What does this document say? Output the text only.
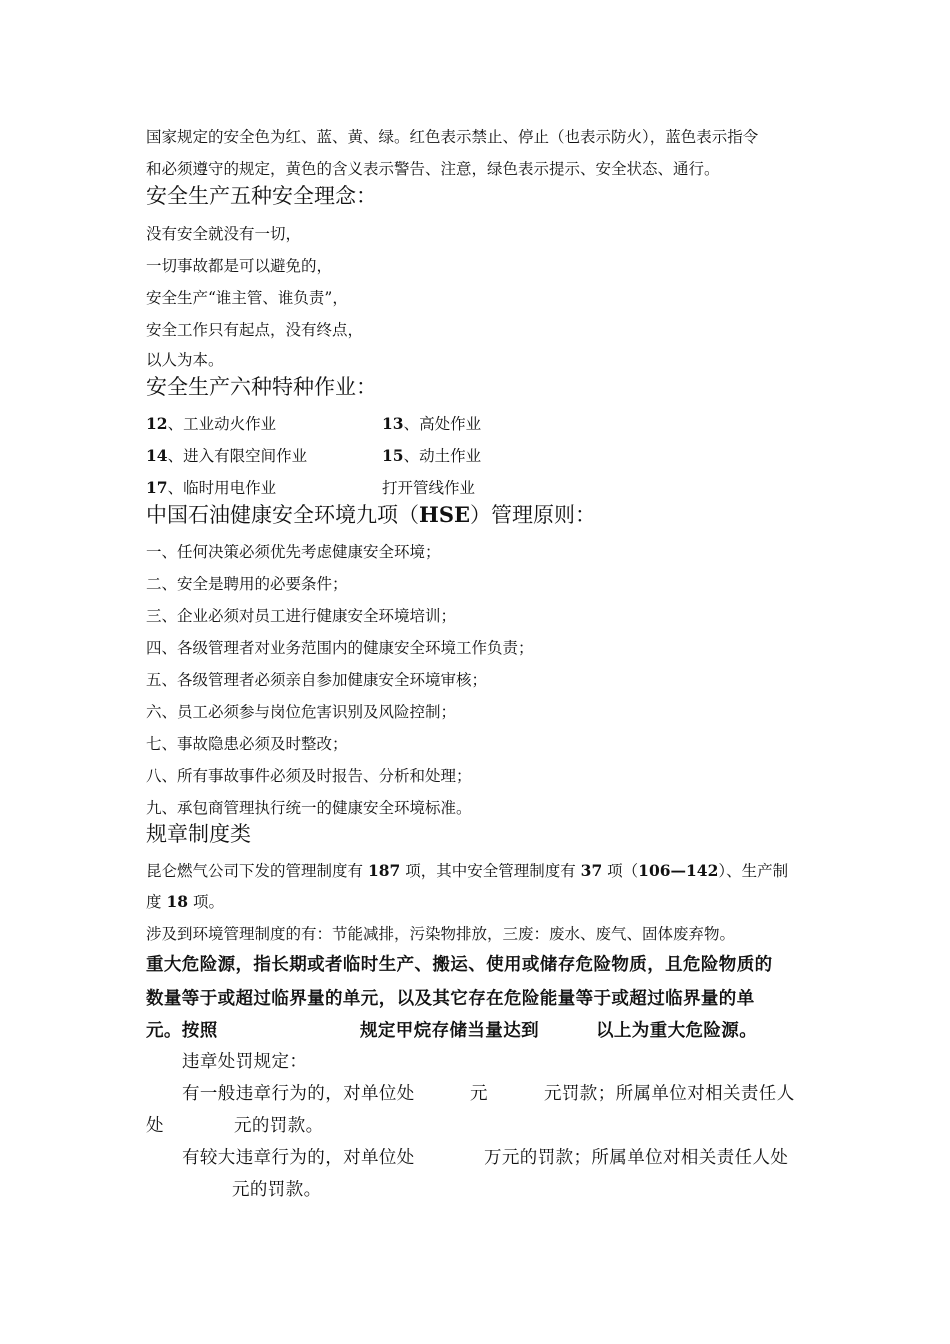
国家规定的安全色为红、蓝、黄、绿。红色表示禁止、停止（也表示防火），蓝色表示指令
和必须遵守的规定，黄色的含义表示警告、注意，绿色表示提示、安全状态、通行。
安全生产五种安全理念：
没有安全就没有一切，
一切事故都是可以避免的，
安全生产“谁主管、谁负责”，
安全工作只有起点，没有终点，
以人为本。
安全生产六种特种作业：
12、工业动火作业	13、高处作业
14、进入有限空间作业	15、动土作业
17、临时用电作业	打开管线作业
中国石油健康安全环境九项（HSE）管理原则：
一、任何决策必须优先考虑健康安全环境；
二、安全是聘用的必要条件；
三、企业必须对员工进行健康安全环境培训；
四、各级管理者对业务范围内的健康安全环境工作负责；
五、各级管理者必须亲自参加健康安全环境审核；
六、员工必须参与岗位危害识别及风险控制；
七、事故隐患必须及时整改；
八、所有事故事件必须及时报告、分析和处理；
九、承包商管理执行统一的健康安全环境标准。
规章制度类
昆仑燃气公司下发的管理制度有 187 项，其中安全管理制度有 37 项（106—142）、生产制
度 18 项。
涉及到环境管理制度的有：节能减排，污染物排放，三废：废水、废气、固体废弃物。
重大危险源，指长期或者临时生产、搬运、使用或储存危险物质，且危险物质的
数量等于或超过临界量的单元，以及其它存在危险能量等于或超过临界量的单
元。按照	规定甲烷存储当量达到	以上为重大危险源。
违章处罚规定：
有一般违章行为的，对单位处	元	元罚款；所属单位对相关责任人
处	元的罚款。
有较大违章行为的，对单位处	万元的罚款；所属单位对相关责任人处
元的罚款。
